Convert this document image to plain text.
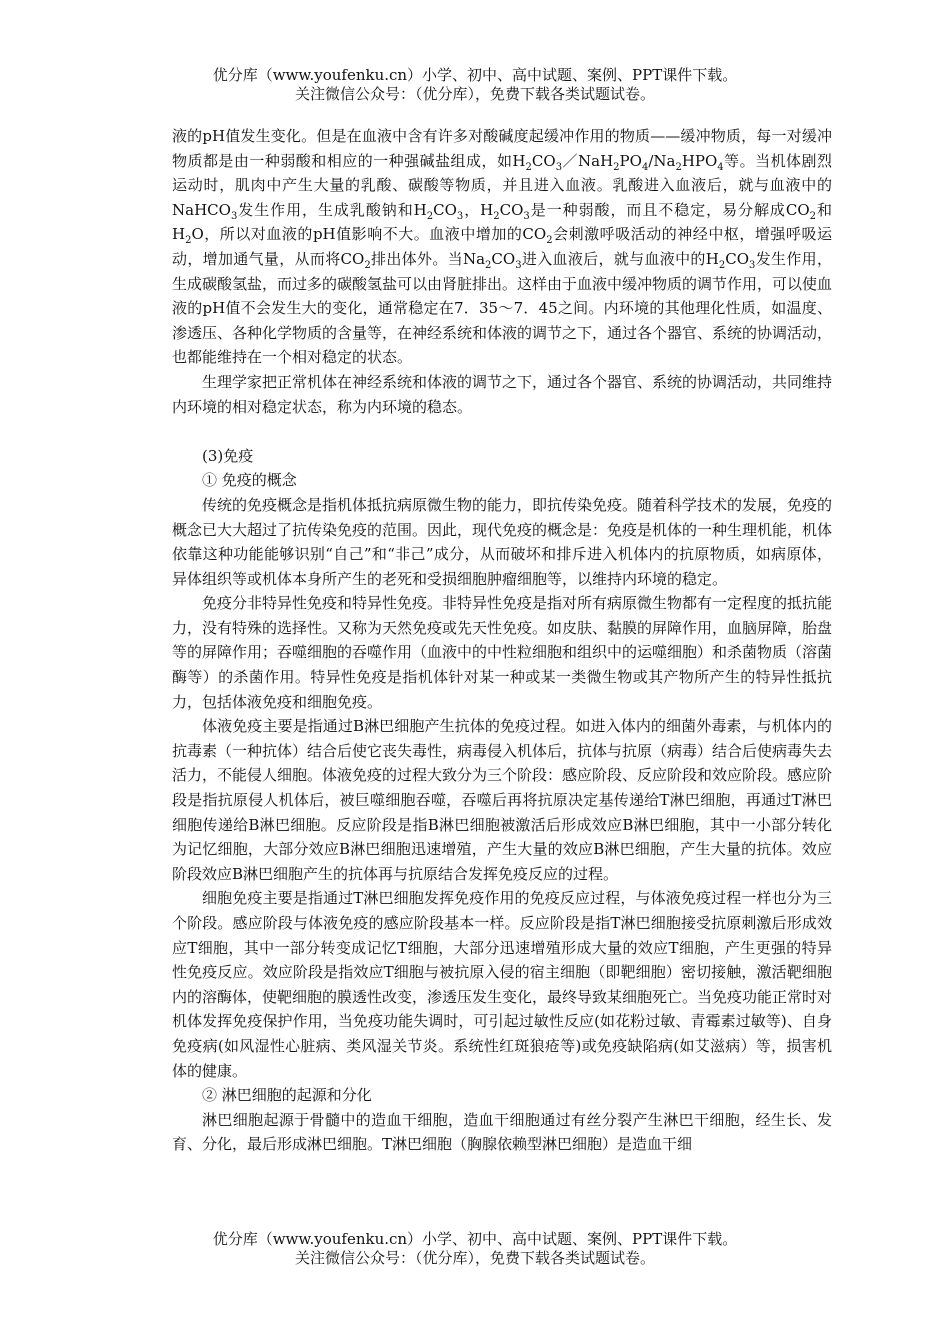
优分库（www.youfenku.cn）小学、初中、高中试题、案例、PPT课件下载。
关注微信公众号：（优分库），免费下载各类试题试卷。

液的pH值发生变化。但是在血液中含有许多对酸碱度起缓冲作用的物质——缓冲物质，每一对缓冲物质都是由一种弱酸和相应的一种强碱盐组成，如$H_2CO_3/NaH_2PO_4/Na_2HPO_4$等。当机体剧烈运动时，肌肉中产生大量的乳酸、碳酸等物质，并且进入血液。乳酸进入血液后，就与血液中的NaHCO$_3$发生作用，生成乳酸钠和$H_2CO_3$，$H_2CO_3$是一种弱酸，而且不稳定，易分解成$CO_2$和$H_2O$，所以对血液的pH值影响不大。血液中增加的$CO_2$会刺激呼吸活动的神经中枢，增强呼吸运动，增加通气量，从而将$CO_2$排出体外。当$Na_2CO_3$进入血液后，就与血液中的$H_2CO_3$发生作用，生成碳酸氢盐，而过多的碳酸氢盐可以由肾脏排出。这样由于血液中缓冲物质的调节作用，可以使血液的pH值不会发生大的变化，通常稳定在7．35～7．45之间。内环境的其他理化性质，如温度、渗透压、各种化学物质的含量等，在神经系统和体液的调节之下，通过各个器官、系统的协调活动，也都能维持在一个相对稳定的状态。

生理学家把正常机体在神经系统和体液的调节之下，通过各个器官、系统的协调活动，共同维持内环境的相对稳定状态，称为内环境的稳态。

(3)免疫

① 免疫的概念

传统的免疫概念是指机体抵抗病原微生物的能力，即抗传染免疫。随着科学技术的发展，免疫的概念已大大超过了抗传染免疫的范围。因此，现代免疫的概念是：免疫是机体的一种生理机能，机体依靠这种功能能够识别“自己”和“非己”成分，从而破坏和排斥进入机体内的抗原物质，如病原体，异体组织等或机体本身所产生的老死和受损细胞肿瘤细胞等，以维持内环境的稳定。

免疫分非特异性免疫和特异性免疫。非特异性免疫是指对所有病原微生物都有一定程度的抵抗能力，没有特殊的选择性。又称为天然免疫或先天性免疫。如皮肤、黏膜的屏障作用，血脑屏障，胎盘等的屏障作用；吞噬细胞的吞噬作用（血液中的中性粒细胞和组织中的运噬细胞）和杀菌物质（溶菌酶等）的杀菌作用。特异性免疫是指机体针对某一种或某一类微生物或其产物所产生的特异性抵抗力，包括体液免疫和细胞免疫。

体液免疫主要是指通过B淋巴细胞产生抗体的免疫过程。如进入体内的细菌外毒素，与机体内的抗毒素（一种抗体）结合后使它丧失毒性，病毒侵入机体后，抗体与抗原（病毒）结合后使病毒失去活力，不能侵人细胞。体液免疫的过程大致分为三个阶段：感应阶段、反应阶段和效应阶段。感应阶段是指抗原侵人机体后，被巨噬细胞吞噬，吞噬后再将抗原决定基传递给T淋巴细胞，再通过T淋巴细胞传递给B淋巴细胞。反应阶段是指B淋巴细胞被激活后形成效应B淋巴细胞，其中一小部分转化为记忆细胞，大部分效应B淋巴细胞迅速增殖，产生大量的效应B淋巴细胞，产生大量的抗体。效应阶段效应B淋巴细胞产生的抗体再与抗原结合发挥免疫反应的过程。

细胞免疫主要是指通过T淋巴细胞发挥免疫作用的免疫反应过程，与体液免疫过程一样也分为三个阶段。感应阶段与体液免疫的感应阶段基本一样。反应阶段是指T淋巴细胞接受抗原刺激后形成效应T细胞，其中一部分转变成记忆T细胞，大部分迅速增殖形成大量的效应T细胞，产生更强的特异性免疫反应。效应阶段是指效应T细胞与被抗原入侵的宿主细胞（即靶细胞）密切接触，激活靶细胞内的溶酶体，使靶细胞的膜透性改变，渗透压发生变化，最终导致某细胞死亡。当免疫功能正常时对机体发挥免疫保护作用，当免疫功能失调时，可引起过敏性反应(如花粉过敏、青霉素过敏等)、自身免疫病(如风湿性心脏病、类风湿关节炎。系统性红斑狼疮等)或免疫缺陷病(如艾滋病）等，损害机体的健康。

② 淋巴细胞的起源和分化

淋巴细胞起源于骨髓中的造血干细胞，造血干细胞通过有丝分裂产生淋巴干细胞，经生长、发育、分化，最后形成淋巴细胞。T淋巴细胞（胸腺依赖型淋巴细胞）是造血干细

优分库（www.youfenku.cn）小学、初中、高中试题、案例、PPT课件下载。
关注微信公众号：（优分库），免费下载各类试题试卷。
